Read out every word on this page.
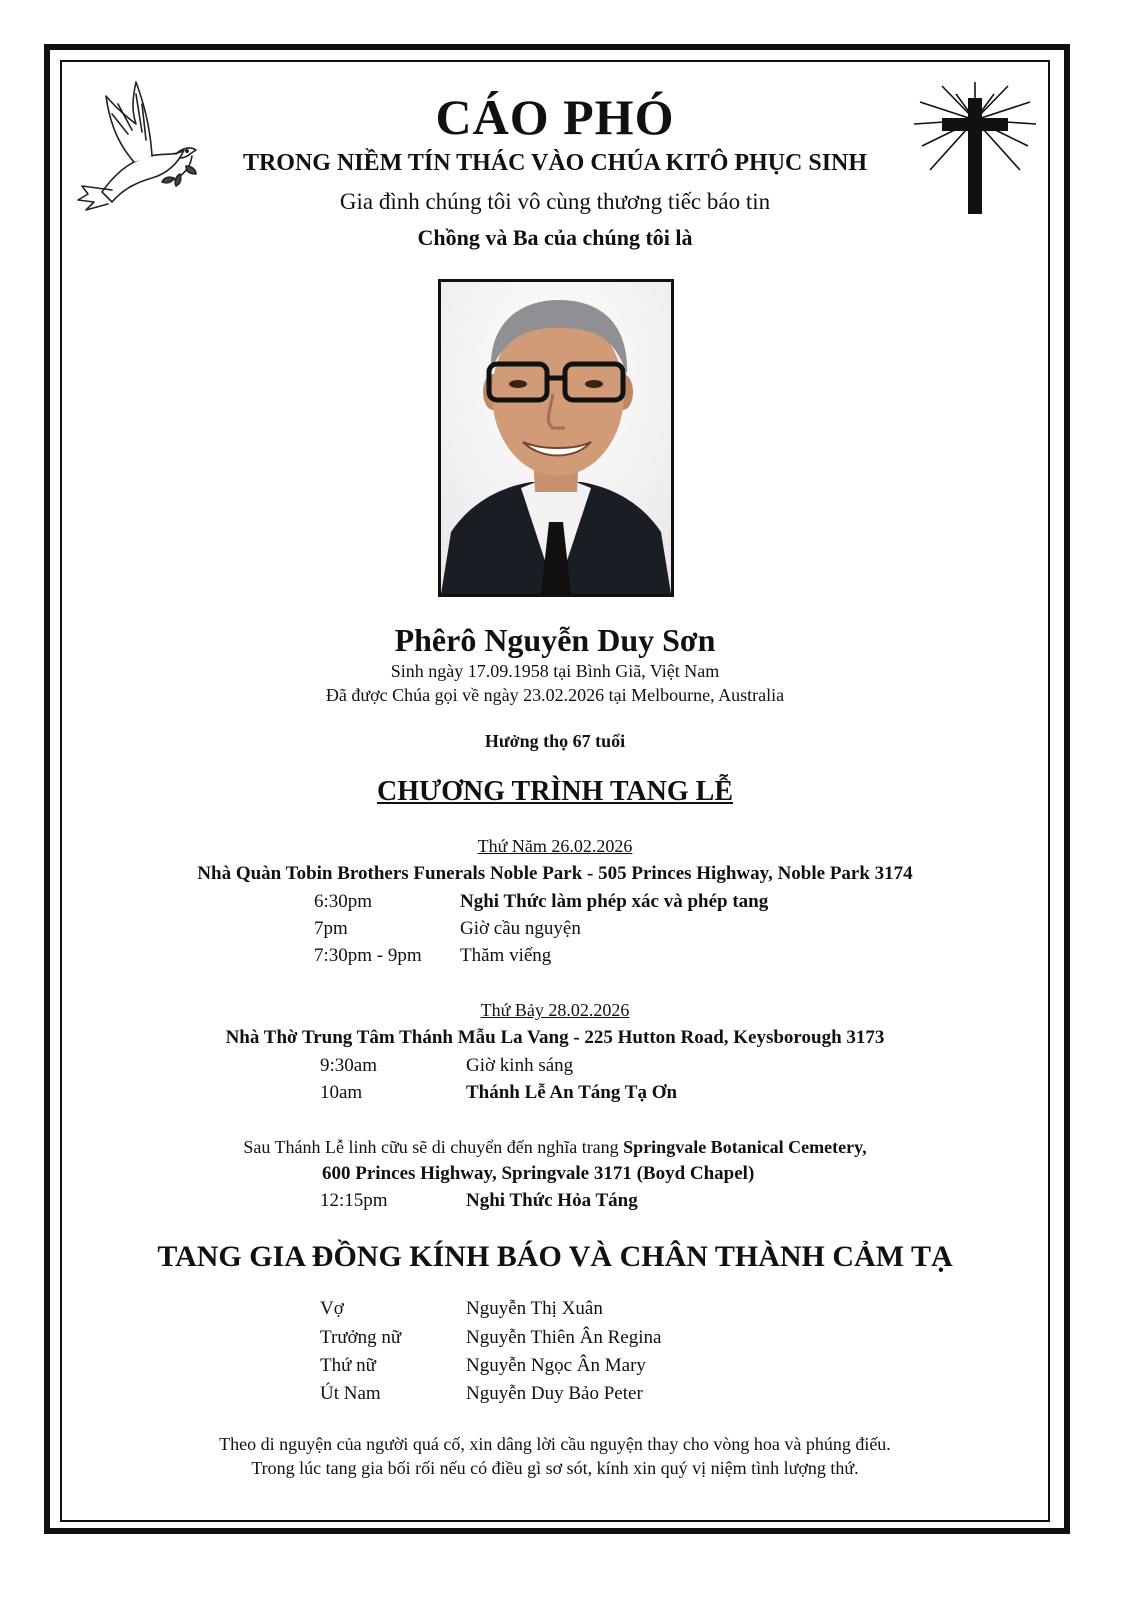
CÁO PHÓ
TRONG NIỀM TÍN THÁC VÀO CHÚA KITÔ PHỤC SINH
Gia đình chúng tôi vô cùng thương tiếc báo tin
Chồng và Ba của chúng tôi là
Phêrô Nguyễn Duy Sơn
Sinh ngày 17.09.1958 tại Bình Giã, Việt Nam
Đã được Chúa gọi về ngày 23.02.2026 tại Melbourne, Australia
Hưởng thọ 67 tuổi
CHƯƠNG TRÌNH TANG LỄ
Thứ Năm 26.02.2026
Nhà Quàn Tobin Brothers Funerals Noble Park - 505 Princes Highway, Noble Park 3174
6:30pm	Nghi Thức làm phép xác và phép tang
7pm	Giờ cầu nguyện
7:30pm - 9pm Thăm viếng
Thứ Bảy 28.02.2026
Nhà Thờ Trung Tâm Thánh Mẫu La Vang - 225 Hutton Road, Keysborough 3173
9:30am	Giờ kinh sáng
10am	Thánh Lễ An Táng Tạ Ơn
Sau Thánh Lễ linh cữu sẽ di chuyển đến nghĩa trang Springvale Botanical Cemetery,
600 Princes Highway, Springvale 3171 (Boyd Chapel)
12:15pm	Nghi Thức Hỏa Táng
TANG GIA ĐỒNG KÍNH BÁO VÀ CHÂN THÀNH CẢM TẠ
Vợ	Nguyễn Thị Xuân
Trưởng nữ	Nguyễn Thiên Ân Regina
Thứ nữ	Nguyễn Ngọc Ân Mary
Út Nam	Nguyễn Duy Bảo Peter
Theo di nguyện của người quá cố, xin dâng lời cầu nguyện thay cho vòng hoa và phúng điếu.
Trong lúc tang gia bối rối nếu có điều gì sơ sót, kính xin quý vị niệm tình lượng thứ.
